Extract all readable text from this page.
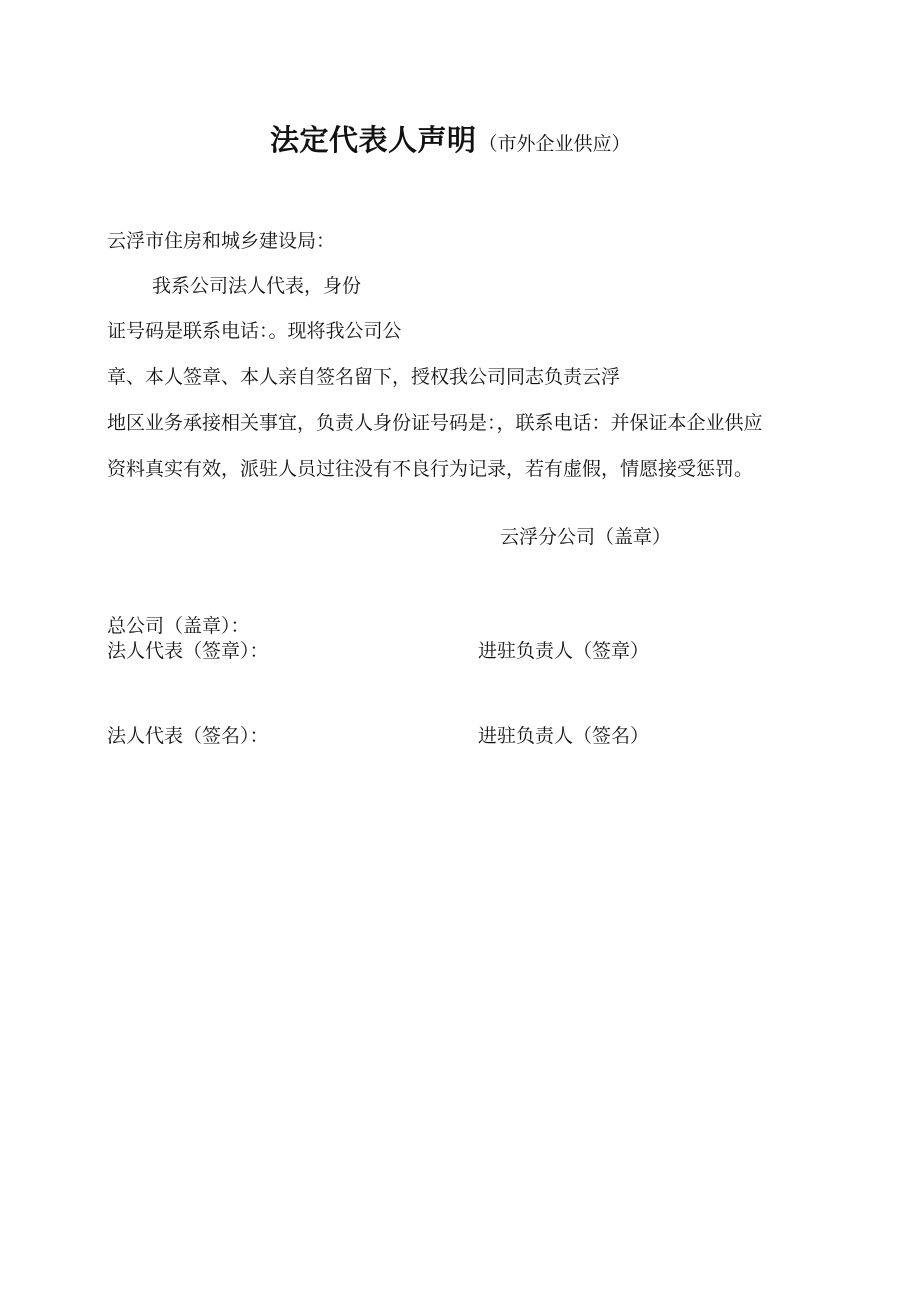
法定代表人声明 （市外企业供应）
云浮市住房和城乡建设局：
我系公司法人代表，身份
证号码是联系电话：。现将我公司公
章、本人签章、本人亲自签名留下，授权我公司同志负责云浮
地区业务承接相关事宜，负责人身份证号码是：，联系电话：并保证本企业供应
资料真实有效，派驻人员过往没有不良行为记录，若有虚假，情愿接受惩罚。
云浮分公司（盖章）
总公司（盖章）：
法人代表（签章）：	进驻负责人（签章）
法人代表（签名）：	进驻负责人（签名）
